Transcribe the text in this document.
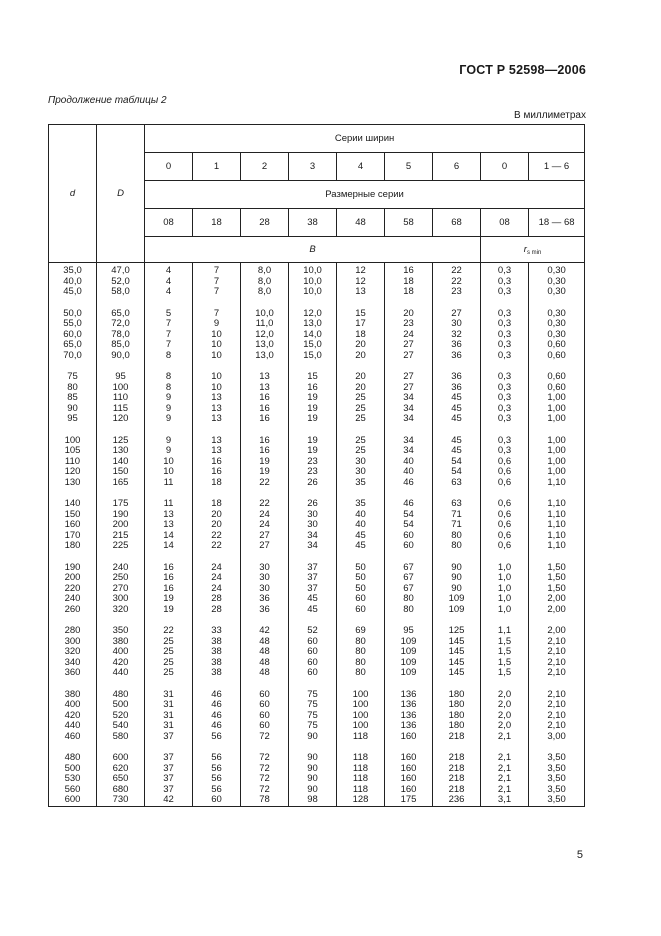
ГОСТ Р 52598—2006
Продолжение таблицы 2
В миллиметрах
d	D	Серии ширин								
		0	1	2	3	4	5	6	0	1 — 6
		Размерные серии								
		08	18	28	38	48	58	68	08	18 — 68
		B							$r_{s min}$

35,0	47,0	4	7	8,0	10,0	12	16	22	0,3	0,30
40,0	52,0	4	7	8,0	10,0	12	18	22	0,3	0,30
45,0	58,0	4	7	8,0	10,0	13	18	23	0,3	0,30

50,0	65,0	5	7	10,0	12,0	15	20	27	0,3	0,30
55,0	72,0	7	9	11,0	13,0	17	23	30	0,3	0,30
60,0	78,0	7	10	12,0	14,0	18	24	32	0,3	0,30
65,0	85,0	7	10	13,0	15,0	20	27	36	0,3	0,60
70,0	90,0	8	10	13,0	15,0	20	27	36	0,3	0,60

75	95	8	10	13	15	20	27	36	0,3	0,60
80	100	8	10	13	16	20	27	36	0,3	0,60
85	110	9	13	16	19	25	34	45	0,3	1,00
90	115	9	13	16	19	25	34	45	0,3	1,00
95	120	9	13	16	19	25	34	45	0,3	1,00

100	125	9	13	16	19	25	34	45	0,3	1,00
105	130	9	13	16	19	25	34	45	0,3	1,00
110	140	10	16	19	23	30	40	54	0,6	1,00
120	150	10	16	19	23	30	40	54	0,6	1,00
130	165	11	18	22	26	35	46	63	0,6	1,10

140	175	11	18	22	26	35	46	63	0,6	1,10
150	190	13	20	24	30	40	54	71	0,6	1,10
160	200	13	20	24	30	40	54	71	0,6	1,10
170	215	14	22	27	34	45	60	80	0,6	1,10
180	225	14	22	27	34	45	60	80	0,6	1,10

190	240	16	24	30	37	50	67	90	1,0	1,50
200	250	16	24	30	37	50	67	90	1,0	1,50
220	270	16	24	30	37	50	67	90	1,0	1,50
240	300	19	28	36	45	60	80	109	1,0	2,00
260	320	19	28	36	45	60	80	109	1,0	2,00

280	350	22	33	42	52	69	95	125	1,1	2,00
300	380	25	38	48	60	80	109	145	1,5	2,10
320	400	25	38	48	60	80	109	145	1,5	2,10
340	420	25	38	48	60	80	109	145	1,5	2,10
360	440	25	38	48	60	80	109	145	1,5	2,10

380	480	31	46	60	75	100	136	180	2,0	2,10
400	500	31	46	60	75	100	136	180	2,0	2,10
420	520	31	46	60	75	100	136	180	2,0	2,10
440	540	31	46	60	75	100	136	180	2,0	2,10
460	580	37	56	72	90	118	160	218	2,1	3,00

480	600	37	56	72	90	118	160	218	2,1	3,50
500	620	37	56	72	90	118	160	218	2,1	3,50
530	650	37	56	72	90	118	160	218	2,1	3,50
560	680	37	56	72	90	118	160	218	2,1	3,50
600	730	42	60	78	98	128	175	236	3,1	3,50
5
